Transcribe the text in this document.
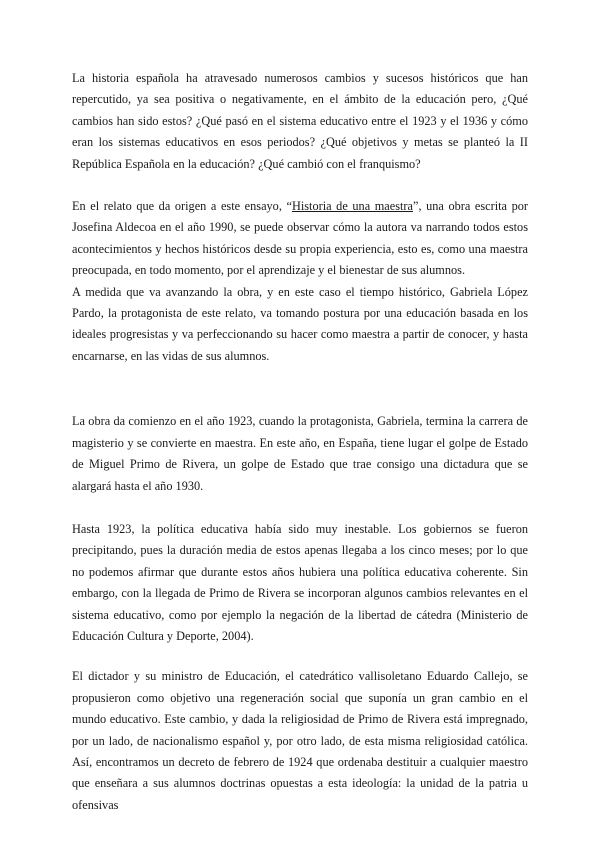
La historia española ha atravesado numerosos cambios y sucesos históricos que han repercutido, ya sea positiva o negativamente, en el ámbito de la educación pero, ¿Qué cambios han sido estos? ¿Qué pasó en el sistema educativo entre el 1923 y el 1936 y cómo eran los sistemas educativos en esos periodos? ¿Qué objetivos y metas se planteó la II República Española en la educación? ¿Qué cambió con el franquismo?

En el relato que da origen a este ensayo, “Historia de una maestra”, una obra escrita por Josefina Aldecoa en el año 1990, se puede observar cómo la autora va narrando todos estos acontecimientos y hechos históricos desde su propia experiencia, esto es, como una maestra preocupada, en todo momento, por el aprendizaje y el bienestar de sus alumnos.

A medida que va avanzando la obra, y en este caso el tiempo histórico, Gabriela López Pardo, la protagonista de este relato, va tomando postura por una educación basada en los ideales progresistas y va perfeccionando su hacer como maestra a partir de conocer, y hasta encarnarse, en las vidas de sus alumnos.

La obra da comienzo en el año 1923, cuando la protagonista, Gabriela, termina la carrera de magisterio y se convierte en maestra. En este año, en España, tiene lugar el golpe de Estado de Miguel Primo de Rivera, un golpe de Estado que trae consigo una dictadura que se alargará hasta el año 1930.

Hasta 1923, la política educativa había sido muy inestable. Los gobiernos se fueron precipitando, pues la duración media de estos apenas llegaba a los cinco meses; por lo que no podemos afirmar que durante estos años hubiera una política educativa coherente. Sin embargo, con la llegada de Primo de Rivera se incorporan algunos cambios relevantes en el sistema educativo, como por ejemplo la negación de la libertad de cátedra (Ministerio de Educación Cultura y Deporte, 2004).

El dictador y su ministro de Educación, el catedrático vallisoletano Eduardo Callejo, se propusieron como objetivo una regeneración social que suponía un gran cambio en el mundo educativo. Este cambio, y dada la religiosidad de Primo de Rivera está impregnado, por un lado, de nacionalismo español y, por otro lado, de esta misma religiosidad católica. Así, encontramos un decreto de febrero de 1924 que ordenaba destituir a cualquier maestro que enseñara a sus alumnos doctrinas opuestas a esta ideología: la unidad de la patria u ofensivas
